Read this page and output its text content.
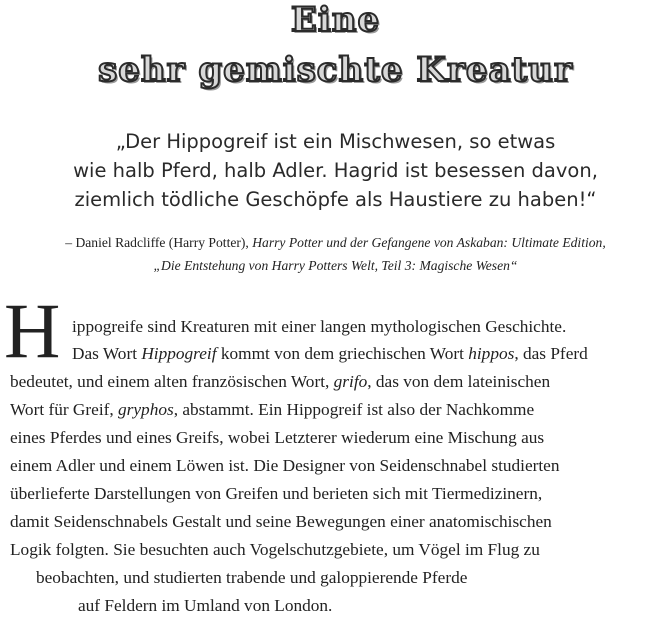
Eine
sehr gemischte Kreatur
„Der Hippogreif ist ein Mischwesen, so etwas
wie halb Pferd, halb Adler. Hagrid ist besessen davon,
ziemlich tödliche Geschöpfe als Haustiere zu haben!“
– Daniel Radcliffe (Harry Potter), Harry Potter und der Gefangene von Askaban: Ultimate Edition,
„Die Entstehung von Harry Potters Welt, Teil 3: Magische Wesen“
H ippogreife sind Kreaturen mit einer langen mythologischen Geschichte.
Das Wort Hippogreif kommt von dem griechischen Wort hippos, das Pferd
bedeutet, und einem alten französischen Wort, grifo, das von dem lateinischen
Wort für Greif, gryphos, abstammt. Ein Hippogreif ist also der Nachkomme
eines Pferdes und eines Greifs, wobei Letzterer wiederum eine Mischung aus
einem Adler und einem Löwen ist. Die Designer von Seidenschnabel studierten
überlieferte Darstellungen von Greifen und berieten sich mit Tiermedizinern,
damit Seidenschnabels Gestalt und seine Bewegungen einer anatomischischen
Logik folgten. Sie besuchten auch Vogelschutzgebiete, um Vögel im Flug zu
beobachten, und studierten trabende und galoppierende Pferde
auf Feldern im Umland von London.
